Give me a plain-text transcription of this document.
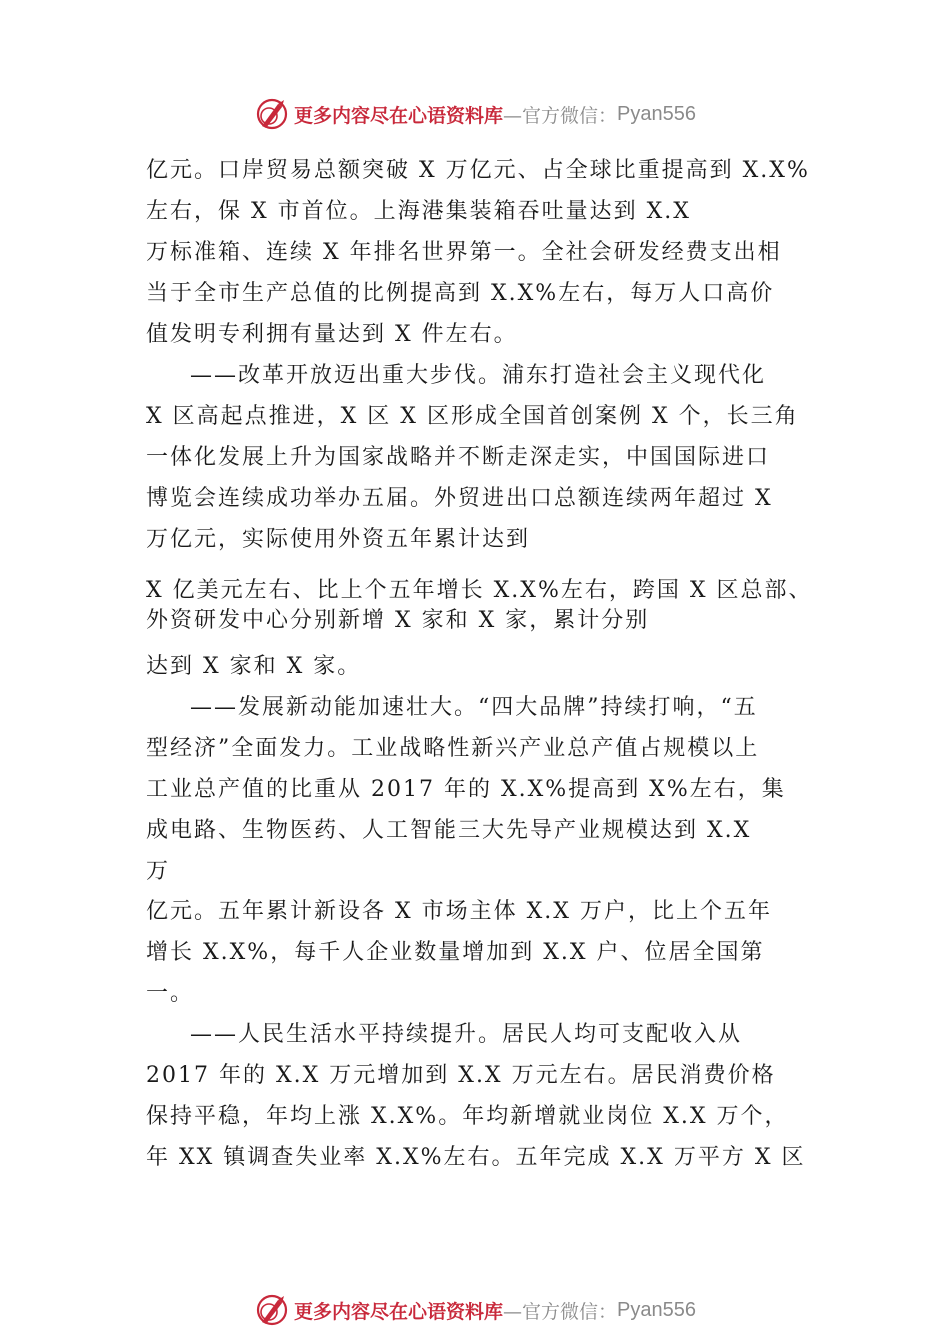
更多内容尽在心语资料库 —官方微信： Pyan556
亿元。口岸贸易总额突破 X 万亿元、占全球比重提高到 X.X%
左右，保 X 市首位。上海港集装箱吞吐量达到 X.X
万标准箱、连续 X 年排名世界第一。全社会研发经费支出相
当于全市生产总值的比例提高到 X.X%左右，每万人口高价
值发明专利拥有量达到 X 件左右。
——改革开放迈出重大步伐。浦东打造社会主义现代化
X 区高起点推进，X 区 X 区形成全国首创案例 X 个，长三角
一体化发展上升为国家战略并不断走深走实，中国国际进口
博览会连续成功举办五届。外贸进出口总额连续两年超过 X
万亿元，实际使用外资五年累计达到
X 亿美元左右、比上个五年增长 X.X%左右，跨国 X 区总部、
外资研发中心分别新增 X 家和 X 家，累计分别
达到 X 家和 X 家。
——发展新动能加速壮大。“四大品牌”持续打响，“五
型经济”全面发力。工业战略性新兴产业总产值占规模以上
工业总产值的比重从 2017 年的 X.X%提高到 X%左右，集
成电路、生物医药、人工智能三大先导产业规模达到 X.X
万
亿元。五年累计新设各 X 市场主体 X.X 万户，比上个五年
增长 X.X%，每千人企业数量增加到 X.X 户、位居全国第
一。
——人民生活水平持续提升。居民人均可支配收入从
2017 年的 X.X 万元增加到 X.X 万元左右。居民消费价格
保持平稳，年均上涨 X.X%。年均新增就业岗位 X.X 万个，
年 XX 镇调查失业率 X.X%左右。五年完成 X.X 万平方 X 区
更多内容尽在心语资料库 —官方微信： Pyan556
